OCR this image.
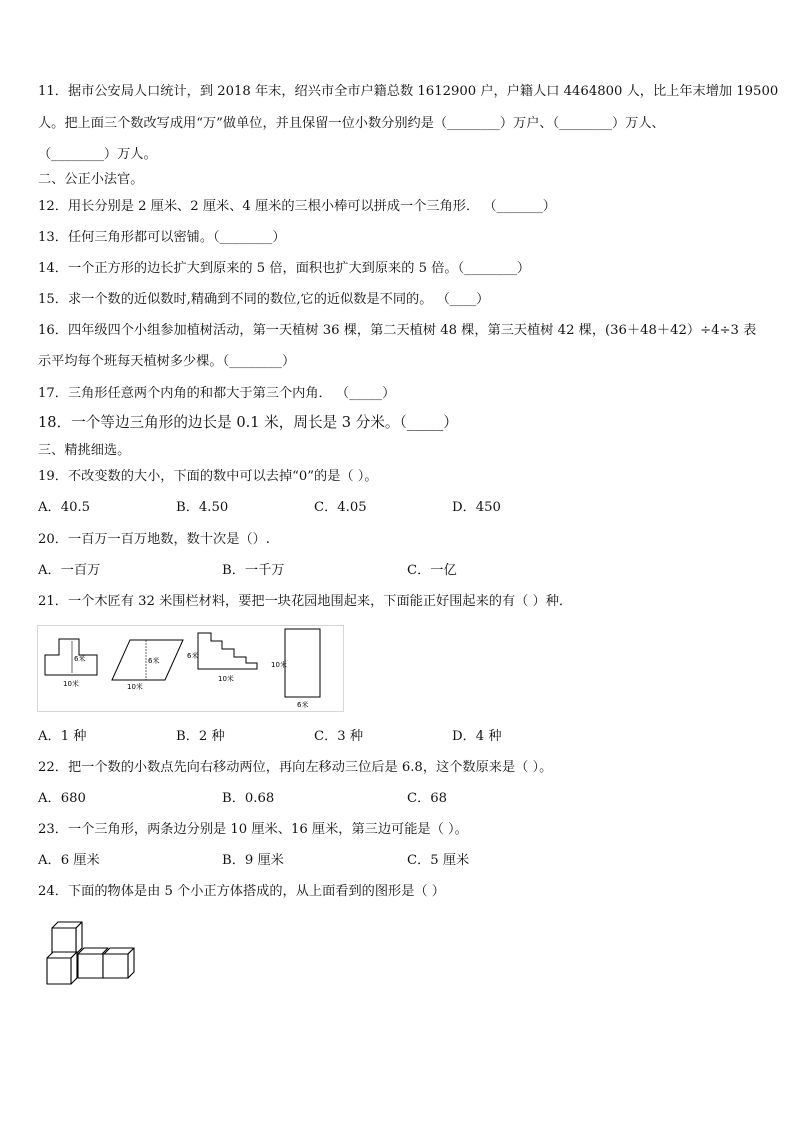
11．据市公安局人口统计，到 2018 年末，绍兴市全市户籍总数 1612900 户，户籍人口 4464800 人，比上年末增加 19500
人。把上面三个数改写成用“万”做单位，并且保留一位小数分别约是（________）万户、（________）万人、
（________）万人。
二、公正小法官。
12．用长分别是 2 厘米、2 厘米、4 厘米的三根小棒可以拼成一个三角形． （_______）
13．任何三角形都可以密铺。（________）
14．一个正方形的边长扩大到原来的 5 倍，面积也扩大到原来的 5 倍。（________）
15．求一个数的近似数时,精确到不同的数位,它的近似数是不同的。 （____）
16．四年级四个小组参加植树活动，第一天植树 36 棵，第二天植树 48 棵，第三天植树 42 棵，(36＋48＋42）÷4÷3 表
示平均每个班每天植树多少棵。（________）
17．三角形任意两个内角的和都大于第三个内角． （_____）
18．一个等边三角形的边长是 0.1 米，周长是 3 分米。（_____）
三、精挑细选。
19．不改变数的大小，下面的数中可以去掉“0”的是（ ）。
A．40.5	B．4.50	C．4.05	D．450
20．一百万一百万地数，数十次是（）.
A．一百万	B．一千万	C．一亿
21．一个木匠有 32 米围栏材料，要把一块花园地围起来，下面能正好围起来的有（ ）种．
6米
10米
6米
10米
6米
10米
10米
6米
A．1 种	B．2 种	C．3 种	D．4 种
22．把一个数的小数点先向右移动两位，再向左移动三位后是 6.8，这个数原来是（ ）。
A．680	B．0.68	C．68
23．一个三角形，两条边分别是 10 厘米、16 厘米，第三边可能是（ ）。
A．6 厘米	B．9 厘米	C．5 厘米
24．下面的物体是由 5 个小正方体搭成的，从上面看到的图形是（ ）
